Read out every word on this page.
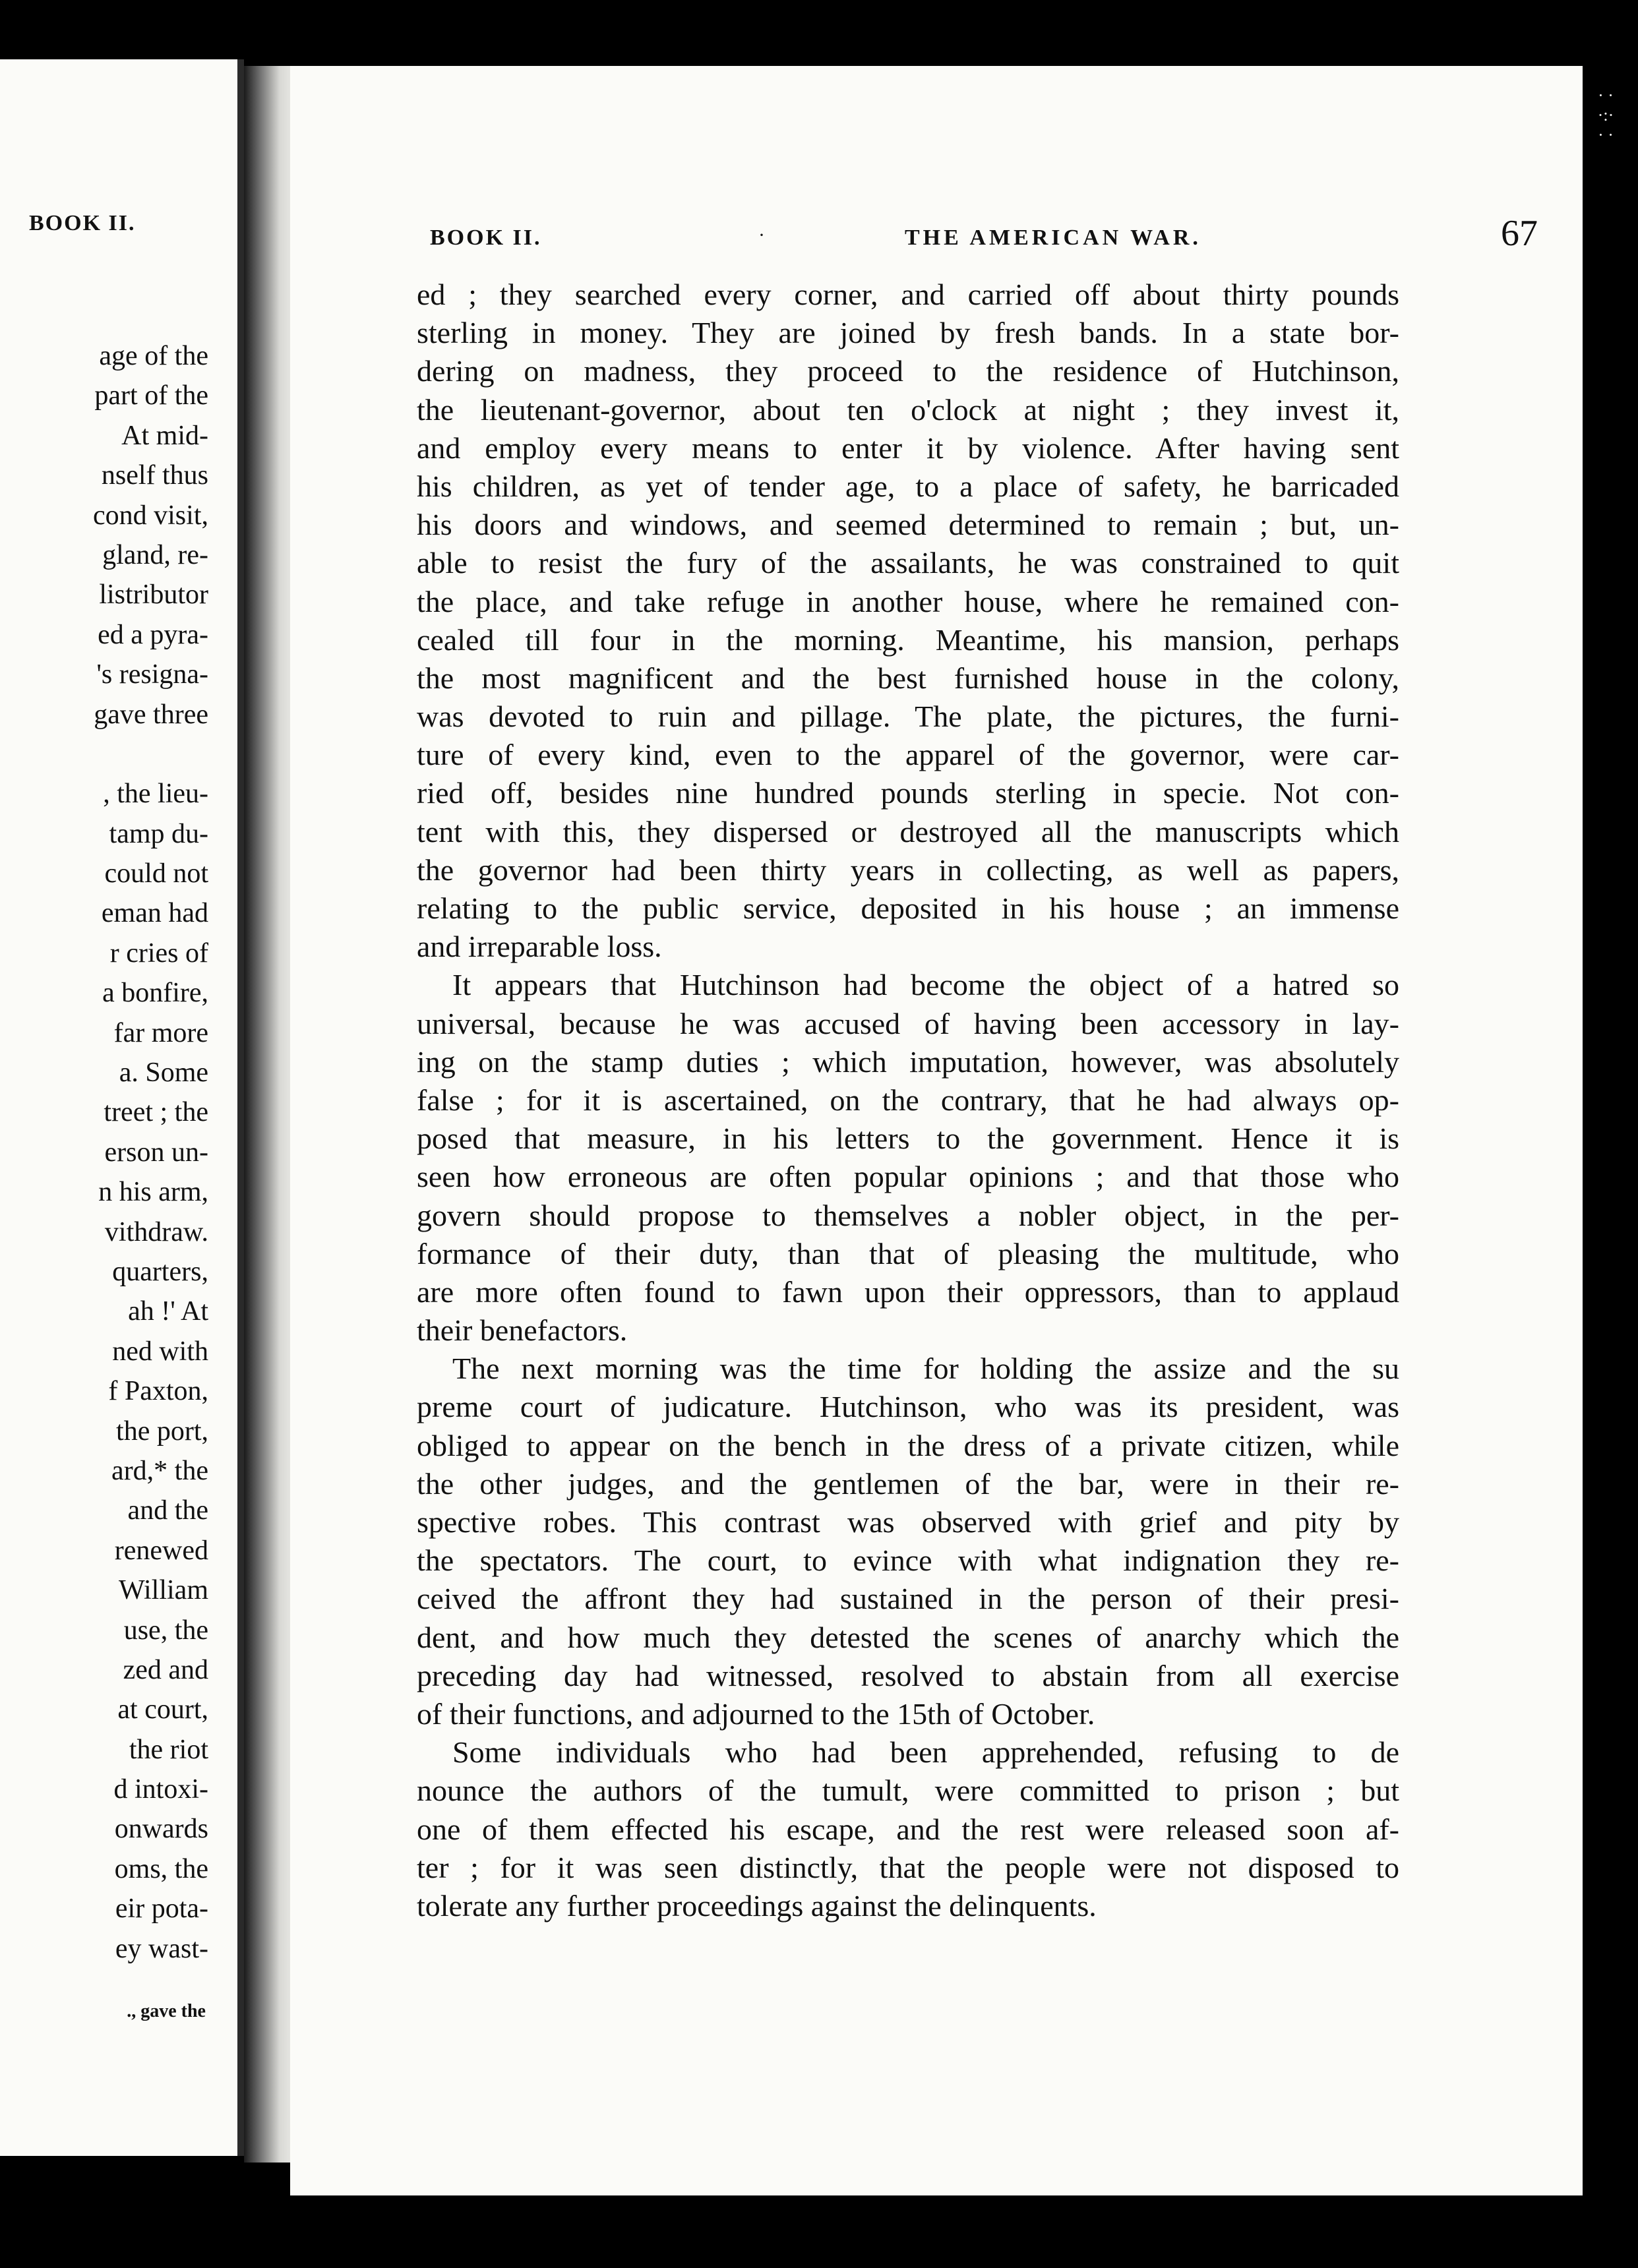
BOOK II.
age of the
part of the
At mid-
nself thus
cond visit,
gland, re-
listributor
ed a pyra-
's resigna-
gave three
, the lieu-
tamp du-
could not
eman had
r cries of
a bonfire,
far more
a. Some
treet ; the
erson un-
n his arm,
vithdraw.
quarters,
ah !' At
ned with
f Paxton,
the port,
ard,* the
and the
renewed
William
use, the
zed and
at court,
the riot
d intoxi-
onwards
oms, the
eir pota-
ey wast-
., gave the
BOOK II.	·	THE AMERICAN WAR.	67
ed ; they searched every corner, and carried off about thirty pounds
sterling in money. They are joined by fresh bands. In a state bor-
dering on madness, they proceed to the residence of Hutchinson,
the lieutenant-governor, about ten o'clock at night ; they invest it,
and employ every means to enter it by violence. After having sent
his children, as yet of tender age, to a place of safety, he barricaded
his doors and windows, and seemed determined to remain ; but, un-
able to resist the fury of the assailants, he was constrained to quit
the place, and take refuge in another house, where he remained con-
cealed till four in the morning. Meantime, his mansion, perhaps
the most magnificent and the best furnished house in the colony,
was devoted to ruin and pillage. The plate, the pictures, the furni-
ture of every kind, even to the apparel of the governor, were car-
ried off, besides nine hundred pounds sterling in specie. Not con-
tent with this, they dispersed or destroyed all the manuscripts which
the governor had been thirty years in collecting, as well as papers,
relating to the public service, deposited in his house ; an immense
and irreparable loss.
It appears that Hutchinson had become the object of a hatred so
universal, because he was accused of having been accessory in lay-
ing on the stamp duties ; which imputation, however, was absolutely
false ; for it is ascertained, on the contrary, that he had always op-
posed that measure, in his letters to the government. Hence it is
seen how erroneous are often popular opinions ; and that those who
govern should propose to themselves a nobler object, in the per-
formance of their duty, than that of pleasing the multitude, who
are more often found to fawn upon their oppressors, than to applaud
their benefactors.
The next morning was the time for holding the assize and the su
preme court of judicature. Hutchinson, who was its president, was
obliged to appear on the bench in the dress of a private citizen, while
the other judges, and the gentlemen of the bar, were in their re-
spective robes. This contrast was observed with grief and pity by
the spectators. The court, to evince with what indignation they re-
ceived the affront they had sustained in the person of their presi-
dent, and how much they detested the scenes of anarchy which the
preceding day had witnessed, resolved to abstain from all exercise
of their functions, and adjourned to the 15th of October.
Some individuals who had been apprehended, refusing to de
nounce the authors of the tumult, were committed to prison ; but
one of them effected his escape, and the rest were released soon af-
ter ; for it was seen distinctly, that the people were not disposed to
tolerate any further proceedings against the delinquents.
· ·
·:·
· ·
